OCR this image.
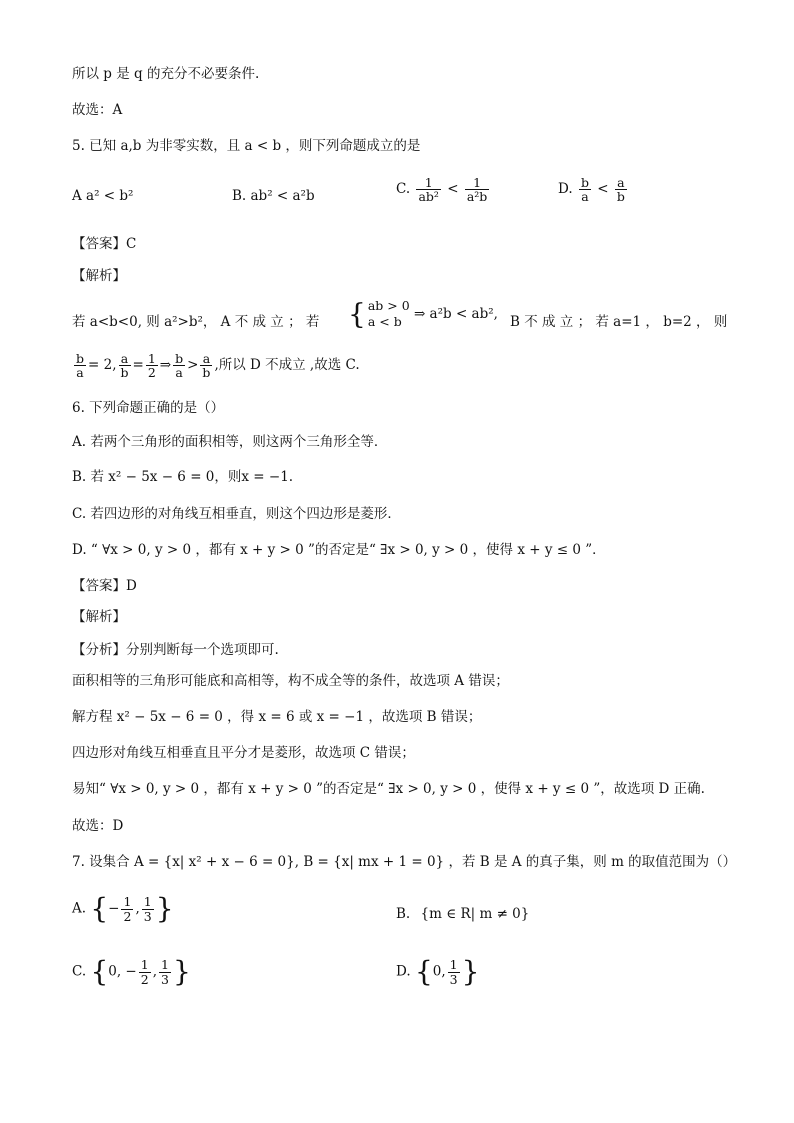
所以 p 是 q 的充分不必要条件.
故选：A
5. 已知 a,b 为非零实数，且 a < b ，则下列命题成立的是
A a² < b²	B. ab² < a²b	C. $\frac{1}{\text{ab²}} < \frac{1}{\text{a²b}}$	D. $\frac{b}{a} < \frac{a}{b}$
【答案】C
【解析】
若 a<b<0, 则 a²>b²， A 不 成 立 ； 若 { ab > 0
a < b ⇒ a²b < ab²,
B 不 成 立 ； 若 a=1 ， b=2 ， 则
$\frac{b}{a} = 2$, $\frac{a}{b} = \frac{1}{2}$ ⇒ $\frac{b}{a} > \frac{a}{b}$ ,所以 D 不成立 ,故选 C.
6. 下列命题正确的是（）
A. 若两个三角形的面积相等，则这两个三角形全等．
B. 若 x² − 5x − 6 = 0，则x = −1.
C. 若四边形的对角线互相垂直，则这个四边形是菱形．
D. “ ∀x > 0, y > 0 ，都有 x + y > 0 ”的否定是“ ∃x > 0, y > 0 ，使得 x + y ≤ 0 ”．
【答案】D
【解析】
【分析】分别判断每一个选项即可.
面积相等的三角形可能底和高相等，构不成全等的条件，故选项 A 错误；
解方程 x² − 5x − 6 = 0 ，得 x = 6 或 x = −1 ，故选项 B 错误；
四边形对角线互相垂直且平分才是菱形，故选项 C 错误；
易知“ ∀x > 0, y > 0 ，都有 x + y > 0 ”的否定是“ ∃x > 0, y > 0 ，使得 x + y ≤ 0 ”，故选项 D 正确.
故选：D
7. 设集合 A = {x| x² + x − 6 = 0}, B = {x| mx + 1 = 0} ，若 B 是 A 的真子集，则 m 的取值范围为（）
A. {− $\frac{1}{2}$ , $\frac{1}{3}$ }	B. {m ∈ R| m ≠ 0}
C. {0, − $\frac{1}{2}$ , $\frac{1}{3}$ }	D. {0, $\frac{1}{3}$ }
